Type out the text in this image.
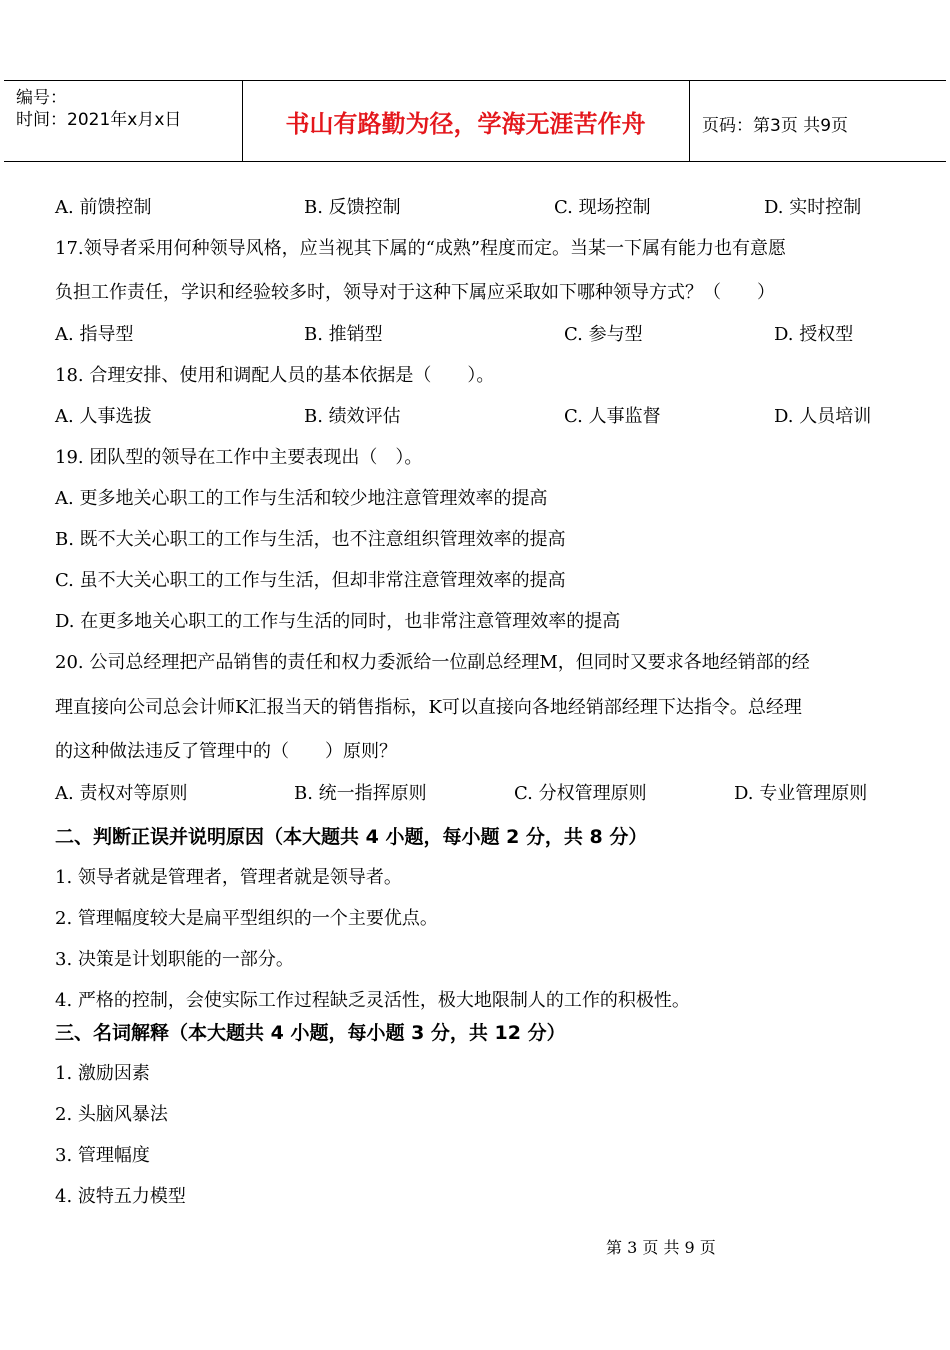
编号：
时间：2021年x月x日	书山有路勤为径，学海无涯苦作舟	页码：第3页 共9页
A. 前馈控制	B. 反馈控制	C. 现场控制	D. 实时控制
17.领导者采用何种领导风格，应当视其下属的“成熟”程度而定。当某一下属有能力也有意愿
负担工作责任，学识和经验较多时，领导对于这种下属应采取如下哪种领导方式？（　　）
A. 指导型	B. 推销型	C. 参与型	D. 授权型
18. 合理安排、使用和调配人员的基本依据是（　　）。
A. 人事选拔	B. 绩效评估	C. 人事监督	D. 人员培训
19. 团队型的领导在工作中主要表现出（　）。
A. 更多地关心职工的工作与生活和较少地注意管理效率的提高
B. 既不大关心职工的工作与生活，也不注意组织管理效率的提高
C. 虽不大关心职工的工作与生活，但却非常注意管理效率的提高
D. 在更多地关心职工的工作与生活的同时，也非常注意管理效率的提高
20. 公司总经理把产品销售的责任和权力委派给一位副总经理M，但同时又要求各地经销部的经
理直接向公司总会计师K汇报当天的销售指标，K可以直接向各地经销部经理下达指令。总经理
的这种做法违反了管理中的（　　）原则？
A. 责权对等原则	B. 统一指挥原则	C. 分权管理原则	D. 专业管理原则
二、判断正误并说明原因（本大题共 4 小题，每小题 2 分，共 8 分）
1. 领导者就是管理者，管理者就是领导者。
2. 管理幅度较大是扁平型组织的一个主要优点。
3. 决策是计划职能的一部分。
4. 严格的控制，会使实际工作过程缺乏灵活性，极大地限制人的工作的积极性。
三、名词解释（本大题共 4 小题，每小题 3 分，共 12 分）
1. 激励因素
2. 头脑风暴法
3. 管理幅度
4. 波特五力模型
第 3 页 共 9 页
